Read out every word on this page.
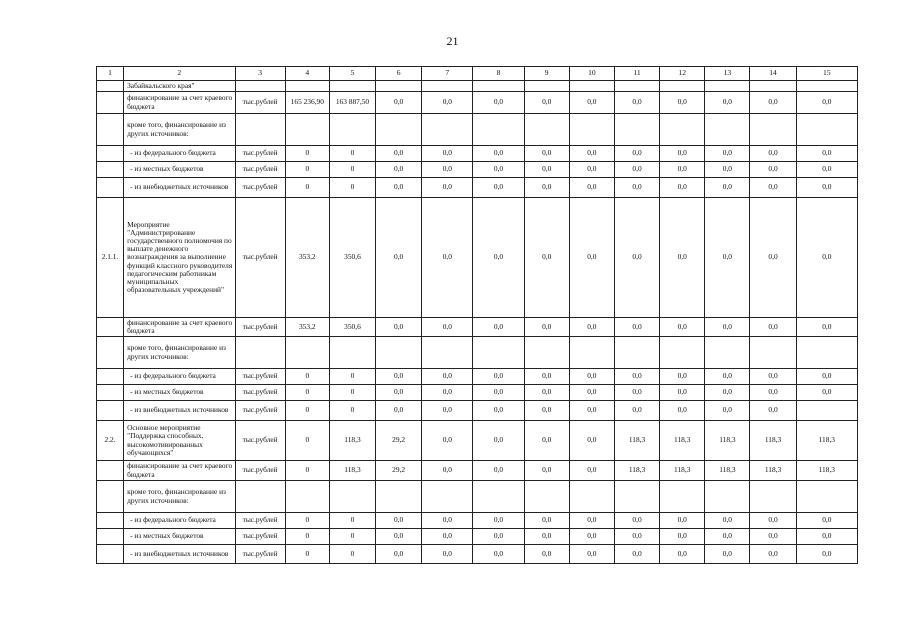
21
1	2	3	4	5	6	7	8	9	10	11	12	13	14	15
	Забайкальского края"													
	финансирование за счет краевого бюджета	тыс.рублей	165 236,90	163 887,50	0,0	0,0	0,0	0,0	0,0	0,0	0,0	0,0	0,0	0,0
	кроме того, финансирование из других источников:													
	- из федерального бюджета	тыс.рублей	0	0	0,0	0,0	0,0	0,0	0,0	0,0	0,0	0,0	0,0	0,0
	- из местных бюджетов	тыс.рублей	0	0	0,0	0,0	0,0	0,0	0,0	0,0	0,0	0,0	0,0	0,0
	- из внебюджетных источников	тыс.рублей	0	0	0,0	0,0	0,0	0,0	0,0	0,0	0,0	0,0	0,0	0,0
2.1.1.	Мероприятие "Администрирование государственного полномочия по выплате денежного вознаграждения за выполнение функций классного руководителя педагогическим работникам муниципальных образовательных учреждений"	тыс.рублей	353,2	350,6	0,0	0,0	0,0	0,0	0,0	0,0	0,0	0,0	0,0	0,0
	финансирование за счет краевого бюджета	тыс.рублей	353,2	350,6	0,0	0,0	0,0	0,0	0,0	0,0	0,0	0,0	0,0	0,0
	кроме того, финансирование из других источников:													
	- из федерального бюджета	тыс.рублей	0	0	0,0	0,0	0,0	0,0	0,0	0,0	0,0	0,0	0,0	0,0
	- из местных бюджетов	тыс.рублей	0	0	0,0	0,0	0,0	0,0	0,0	0,0	0,0	0,0	0,0	0,0
	- из внебюджетных источников	тыс.рублей	0	0	0,0	0,0	0,0	0,0	0,0	0,0	0,0	0,0	0,0	
2.2.	Основное мероприятие "Поддержка способных, высокомотивированных обучающихся"	тыс.рублей	0	118,3	29,2	0,0	0,0	0,0	0,0	118,3	118,3	118,3	118,3	118,3
	финансирование за счет краевого бюджета	тыс.рублей	0	118,3	29,2	0,0	0,0	0,0	0,0	118,3	118,3	118,3	118,3	118,3
	кроме того, финансирование из других источников:													
	- из федерального бюджета	тыс.рублей	0	0	0,0	0,0	0,0	0,0	0,0	0,0	0,0	0,0	0,0	0,0
	- из местных бюджетов	тыс.рублей	0	0	0,0	0,0	0,0	0,0	0,0	0,0	0,0	0,0	0,0	0,0
	- из внебюджетных источников	тыс.рублей	0	0	0,0	0,0	0,0	0,0	0,0	0,0	0,0	0,0	0,0	0,0
